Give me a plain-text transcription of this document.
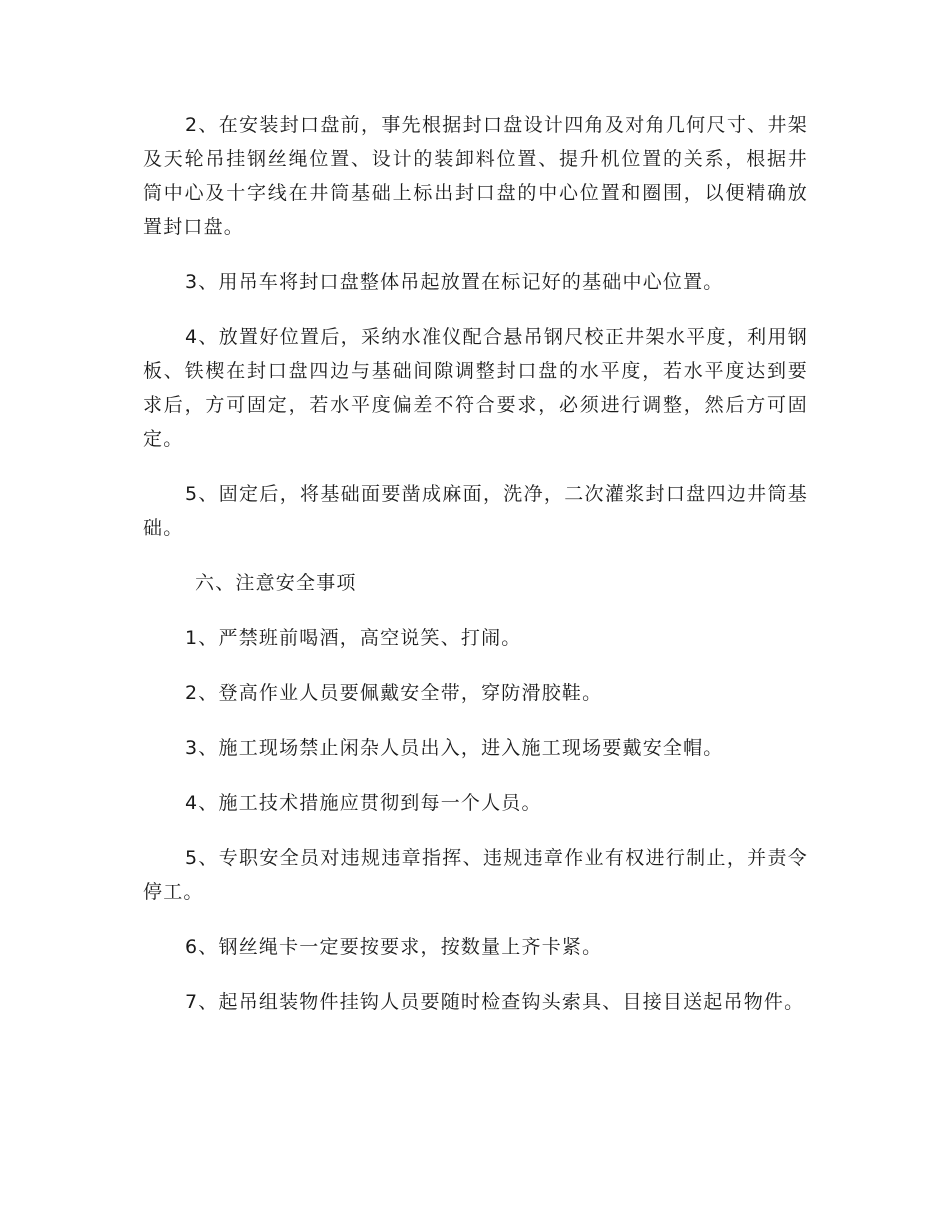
2、在安装封口盘前，事先根据封口盘设计四角及对角几何尺寸、井架及天轮吊挂钢丝绳位置、设计的装卸料位置、提升机位置的关系，根据井筒中心及十字线在井筒基础上标出封口盘的中心位置和圈围，以便精确放置封口盘。

3、用吊车将封口盘整体吊起放置在标记好的基础中心位置。

4、放置好位置后，采纳水准仪配合悬吊钢尺校正井架水平度，利用钢板、铁楔在封口盘四边与基础间隙调整封口盘的水平度，若水平度达到要求后，方可固定，若水平度偏差不符合要求，必须进行调整，然后方可固定。

5、固定后，将基础面要凿成麻面，洗净，二次灌浆封口盘四边井筒基础。

六、注意安全事项

1、严禁班前喝酒，高空说笑、打闹。

2、登高作业人员要佩戴安全带，穿防滑胶鞋。

3、施工现场禁止闲杂人员出入，进入施工现场要戴安全帽。

4、施工技术措施应贯彻到每一个人员。

5、专职安全员对违规违章指挥、违规违章作业有权进行制止，并责令停工。

6、钢丝绳卡一定要按要求，按数量上齐卡紧。

7、起吊组装物件挂钩人员要随时检查钩头索具、目接目送起吊物件。
